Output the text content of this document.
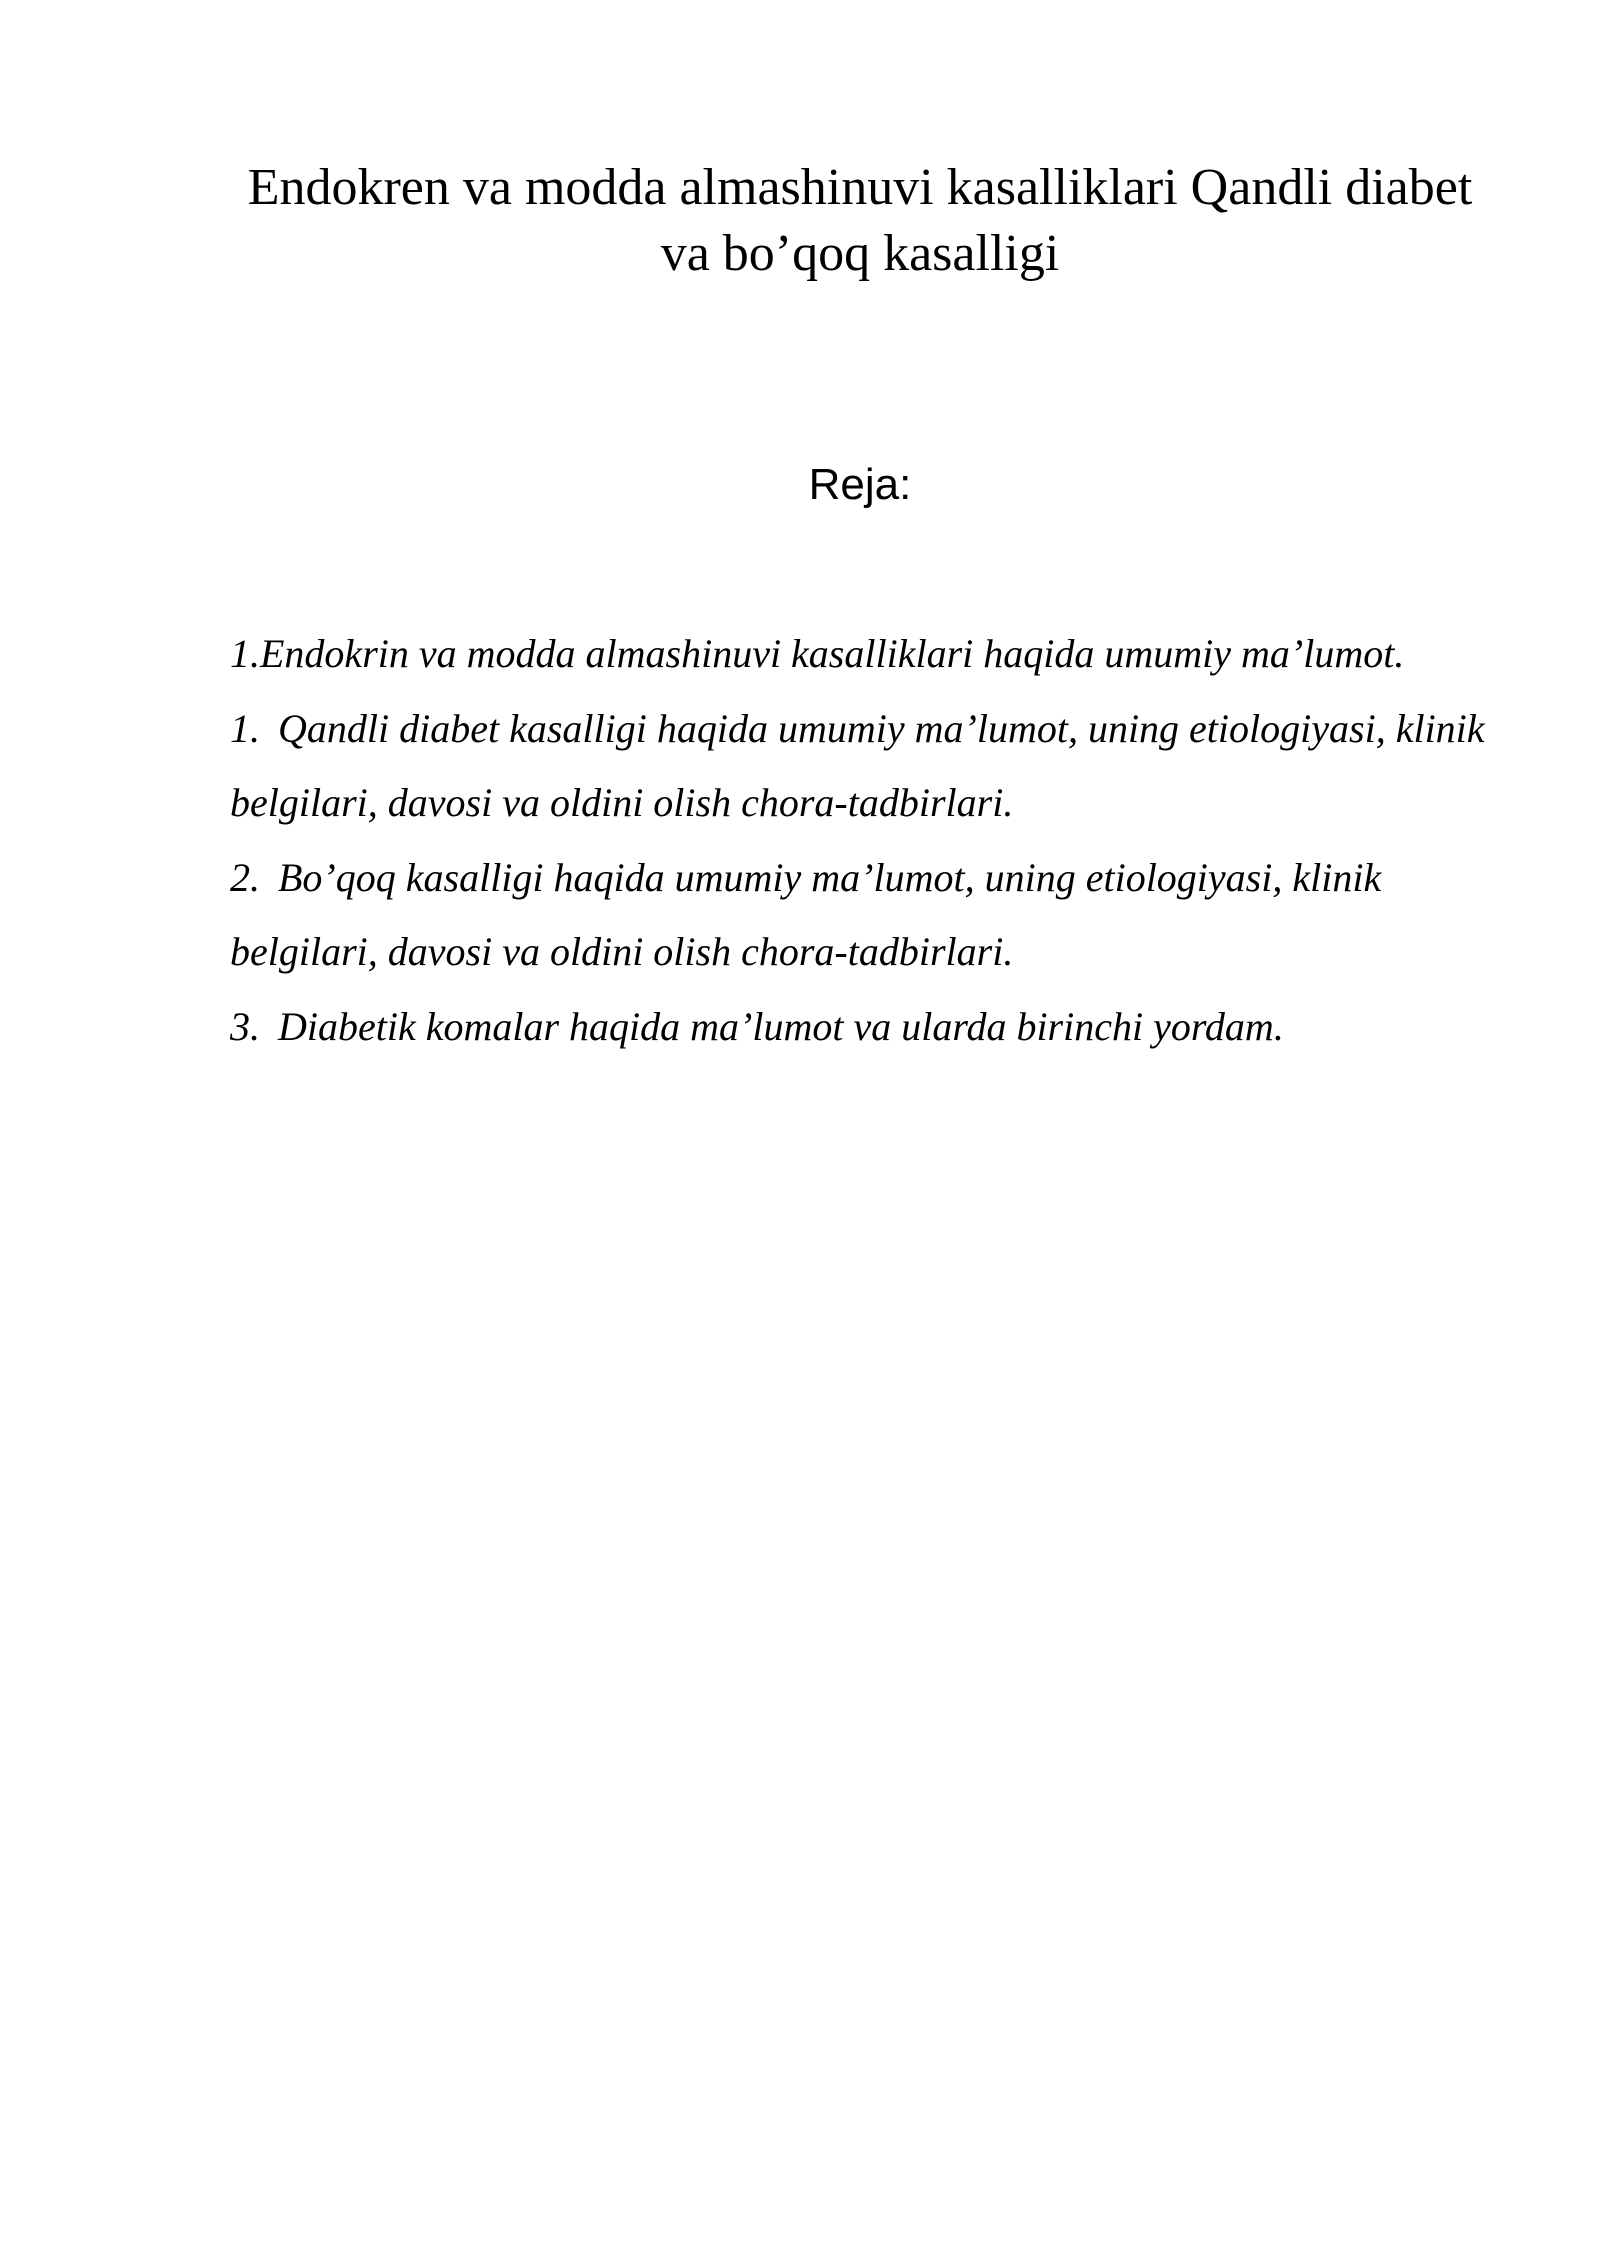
Endokren va modda almashinuvi kasalliklari Qandli diabet va bo’qoq kasalligi

Reja:

1.Endokrin va modda almashinuvi kasalliklari haqida umumiy ma’lumot.
1. Qandli diabet kasalligi haqida umumiy ma’lumot, uning etiologiyasi, klinik belgilari, davosi va oldini olish chora-tadbirlari.
2. Bo’qoq kasalligi haqida umumiy ma’lumot, uning etiologiyasi, klinik belgilari, davosi va oldini olish chora-tadbirlari.
3. Diabetik komalar haqida ma’lumot va ularda birinchi yordam.
